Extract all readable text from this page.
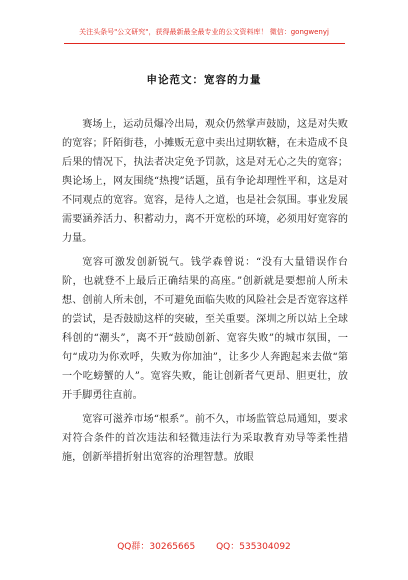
关注头条号"公文研究"，获得最新最全最专业的公文资料库！ 微信：gongwenyj
申论范文：宽容的力量

赛场上，运动员爆冷出局，观众仍然掌声鼓励，这是对失败的宽容；阡陌街巷，小摊贩无意中卖出过期软糖，在未造成不良后果的情况下，执法者决定免予罚款，这是对无心之失的宽容；舆论场上，网友围绕“热搜”话题，虽有争论却理性平和，这是对不同观点的宽容。宽容，是待人之道，也是社会氛围。事业发展需要涵养活力、积蓄动力，离不开宽松的环境，必须用好宽容的力量。

宽容可激发创新锐气。钱学森曾说：“没有大量错误作台阶，也就登不上最后正确结果的高座。”创新就是要想前人所未想、创前人所未创，不可避免面临失败的风险社会是否宽容这样的尝试，是否鼓励这样的突破，至关重要。深圳之所以站上全球科创的“潮头”，离不开“鼓励创新、宽容失败”的城市氛围，一句“成功为你欢呼，失败为你加油”，让多少人奔跑起来去做“第一个吃螃蟹的人”。宽容失败，能让创新者气更昂、胆更壮，放开手脚勇往直前。

宽容可滋养市场“根系”。前不久，市场监管总局通知，要求对符合条件的首次违法和轻微违法行为采取教育劝导等柔性措施，创新举措折射出宽容的治理智慧。放眼

QQ群：30265665 QQ：535304092
